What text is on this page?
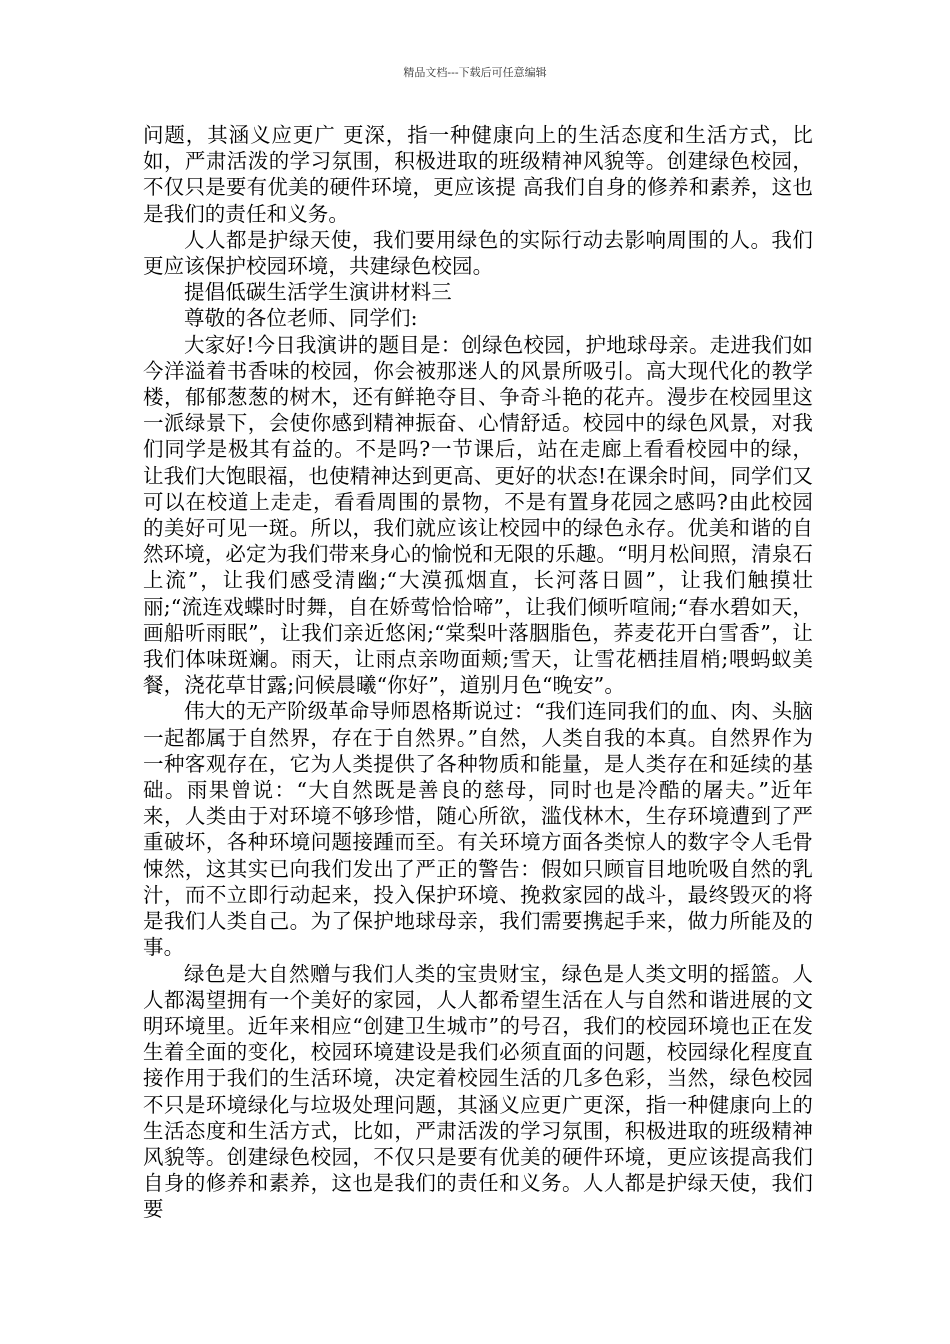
精品文档---下载后可任意编辑

问题，其涵义应更广 更深，指一种健康向上的生活态度和生活方式，比如，严肃活泼的学习氛围，积极进取的班级精神风貌等。创建绿色校园，不仅只是要有优美的硬件环境，更应该提 高我们自身的修养和素养，这也是我们的责任和义务。

人人都是护绿天使，我们要用绿色的实际行动去影响周围的人。我们更应该保护校园环境，共建绿色校园。

提倡低碳生活学生演讲材料三

尊敬的各位老师、同学们:

大家好!今日我演讲的题目是：创绿色校园，护地球母亲。走进我们如今洋溢着书香味的校园，你会被那迷人的风景所吸引。高大现代化的教学楼，郁郁葱葱的树木，还有鲜艳夺目、争奇斗艳的花卉。漫步在校园里这一派绿景下，会使你感到精神振奋、心情舒适。校园中的绿色风景，对我们同学是极其有益的。不是吗?一节课后，站在走廊上看看校园中的绿，让我们大饱眼福，也使精神达到更高、更好的状态!在课余时间，同学们又可以在校道上走走，看看周围的景物，不是有置身花园之感吗?由此校园的美好可见一斑。所以，我们就应该让校园中的绿色永存。优美和谐的自然环境，必定为我们带来身心的愉悦和无限的乐趣。“明月松间照，清泉石上流”，让我们感受清幽;“大漠孤烟直，长河落日圆”，让我们触摸壮丽;“流连戏蝶时时舞，自在娇莺恰恰啼”，让我们倾听喧闹;“春水碧如天，画船听雨眠”，让我们亲近悠闲;“棠梨叶落胭脂色，荞麦花开白雪香”，让我们体味斑斓。雨天，让雨点亲吻面颊;雪天，让雪花栖挂眉梢;喂蚂蚁美餐，浇花草甘露;问候晨曦“你好”，道别月色“晚安”。

伟大的无产阶级革命导师恩格斯说过：“我们连同我们的血、肉、头脑一起都属于自然界，存在于自然界。”自然，人类自我的本真。自然界作为一种客观存在，它为人类提供了各种物质和能量，是人类存在和延续的基础。雨果曾说：“大自然既是善良的慈母，同时也是冷酷的屠夫。”近年来，人类由于对环境不够珍惜，随心所欲，滥伐林木，生存环境遭到了严重破坏，各种环境问题接踵而至。有关环境方面各类惊人的数字令人毛骨悚然，这其实已向我们发出了严正的警告：假如只顾盲目地吮吸自然的乳汁，而不立即行动起来，投入保护环境、挽救家园的战斗，最终毁灭的将是我们人类自己。为了保护地球母亲，我们需要携起手来，做力所能及的事。

绿色是大自然赠与我们人类的宝贵财宝，绿色是人类文明的摇篮。人人都渴望拥有一个美好的家园，人人都希望生活在人与自然和谐进展的文明环境里。近年来相应“创建卫生城市”的号召，我们的校园环境也正在发生着全面的变化，校园环境建设是我们必须直面的问题，校园绿化程度直接作用于我们的生活环境，决定着校园生活的几多色彩，当然，绿色校园不只是环境绿化与垃圾处理问题，其涵义应更广更深，指一种健康向上的生活态度和生活方式，比如，严肃活泼的学习氛围，积极进取的班级精神风貌等。创建绿色校园，不仅只是要有优美的硬件环境，更应该提高我们自身的修养和素养，这也是我们的责任和义务。人人都是护绿天使，我们要
